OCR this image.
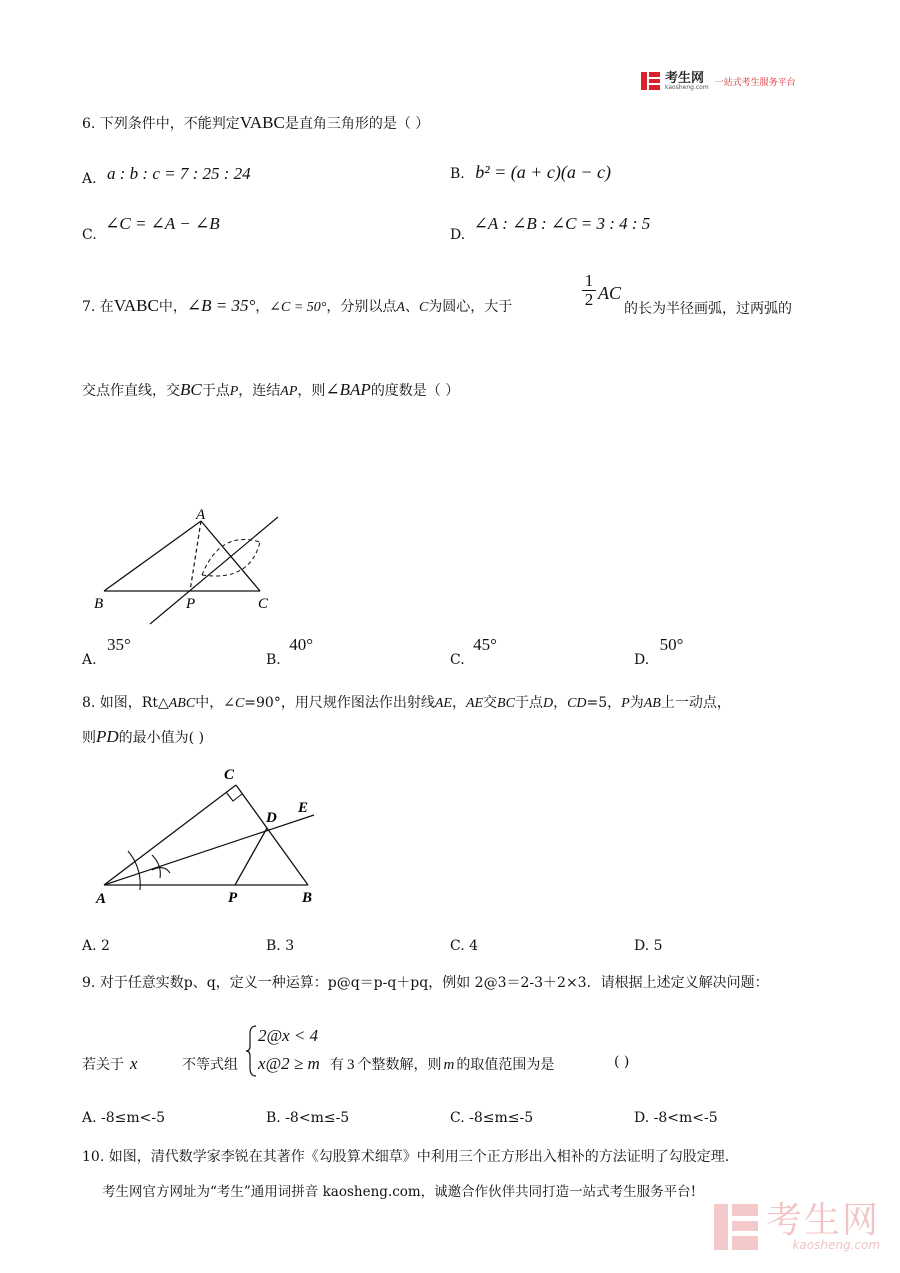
考生网
kaosheng.com 一站式考生服务平台
6. 下列条件中，不能判定VABC是直角三角形的是（ ）
A. a : b : c = 7 : 25 : 24	B. b² = (a + c)(a − c)
C. ∠C = ∠A − ∠B
D. ∠A : ∠B : ∠C = 3 : 4 : 5
7. 在VABC中，∠B = 35°，∠C = 50°，分别以点A、C为圆心，大于	$\frac{1}{2}$ AC
的长为半径画弧，过两弧的
交点作直线，交BC于点P，连结AP，则∠BAP的度数是（ ）
A
B	P	C
A. 35°
B. 40°
C. 45°
D. 50°
8. 如图，Rt△ABC中，∠C=90°，用尺规作图法作出射线AE，AE交BC于点D，CD=5，P为AB上一动点，
则PD的最小值为( )
C
D
E
A	P	B
A. 2	B. 3	C. 4	D. 5
9. 对于任意实数p、q，定义一种运算：p@q＝p-q＋pq，例如 2@3＝2-3＋2×3．请根据上述定义解决问题：
若关于 x	不等式组
2@x < 4
x@2 ≥ m 有 3 个整数解，则 m 的取值范围为是	( )
A. -8≤m<-5	B. -8<m≤-5	C. -8≤m≤-5	D. -8<m<-5
10. 如图，清代数学家李锐在其著作《勾股算术细草》中利用三个正方形出入相补的方法证明了勾股定理.
考生网官方网址为“考生”通用词拼音 kaosheng.com，诚邀合作伙伴共同打造一站式考生服务平台!
考生网
kaosheng.com
